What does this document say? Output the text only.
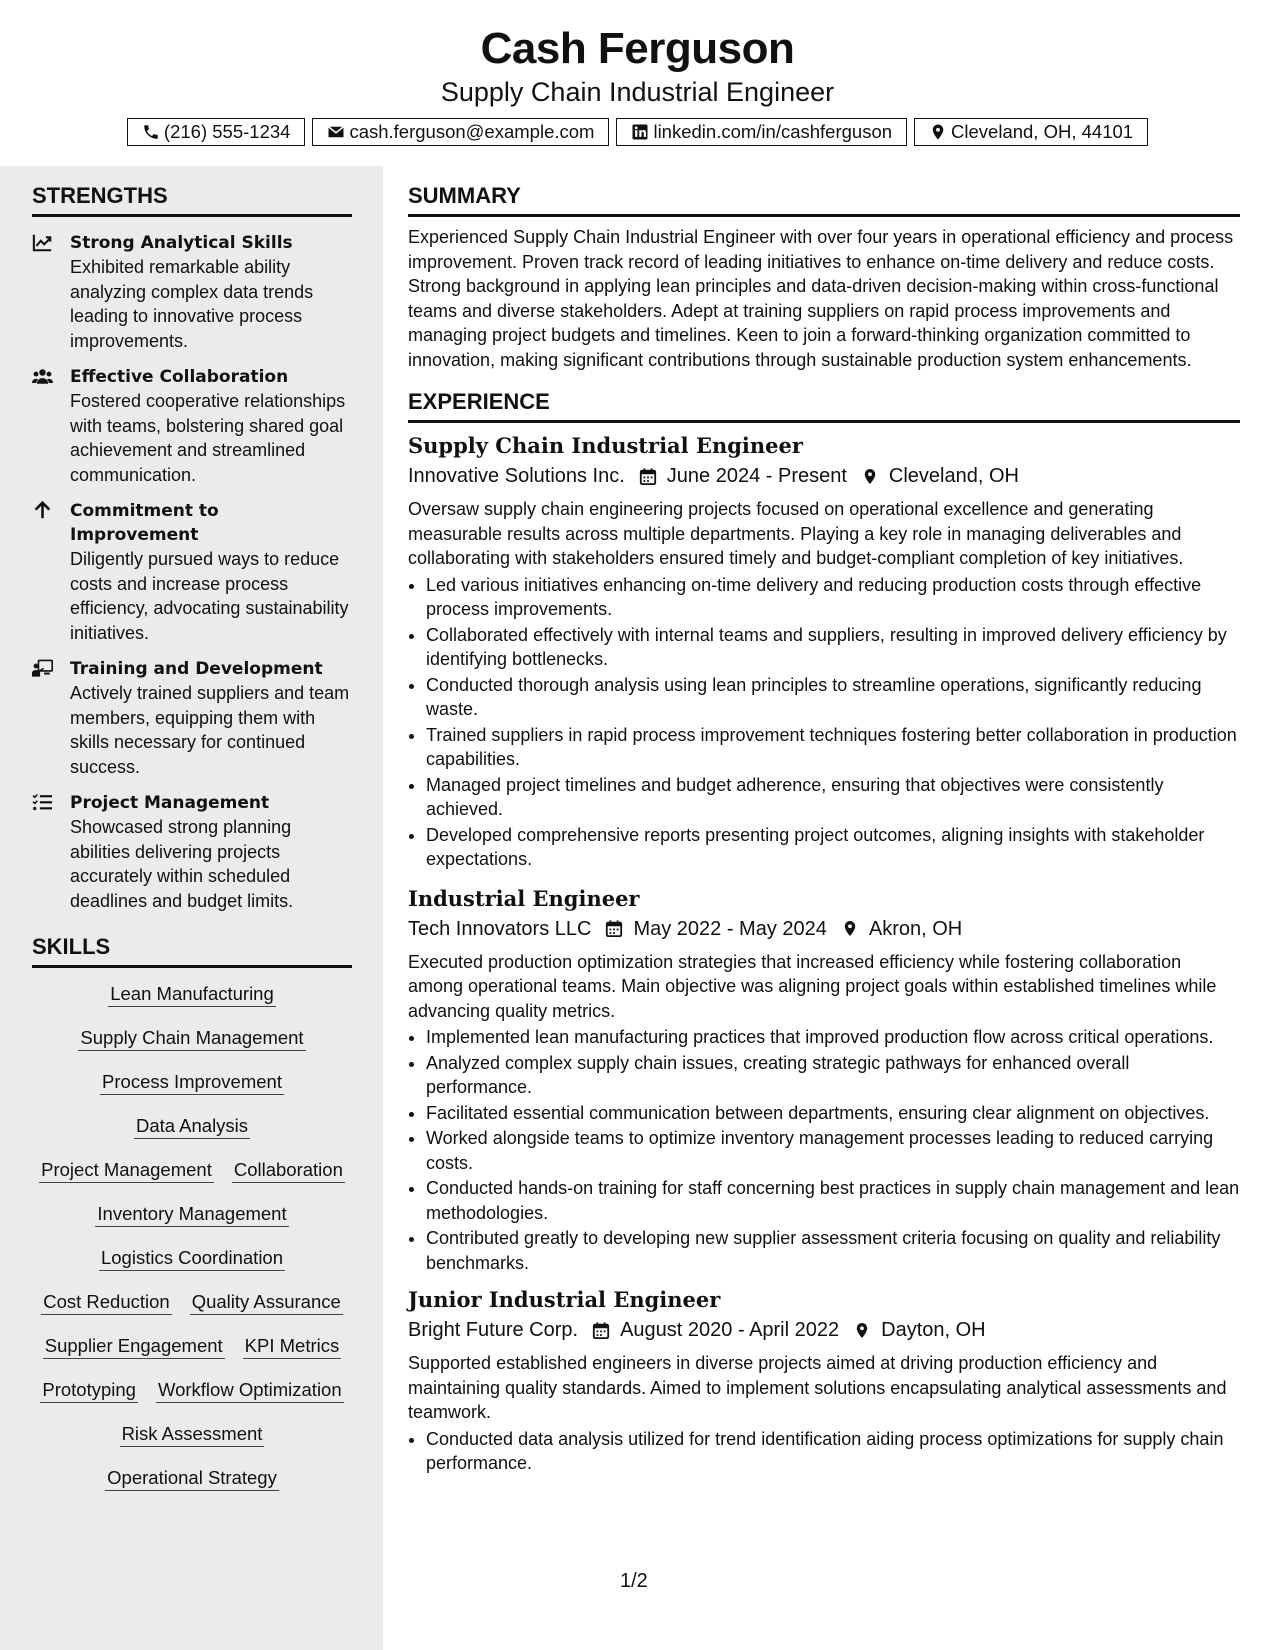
Cash Ferguson
Supply Chain Industrial Engineer
(216) 555-1234	cash.ferguson@example.com	linkedin.com/in/cashferguson	Cleveland, OH, 44101
STRENGTHS
Strong Analytical Skills
Exhibited remarkable ability analyzing complex data trends leading to innovative process improvements.
Effective Collaboration
Fostered cooperative relationships with teams, bolstering shared goal achievement and streamlined communication.
Commitment to Improvement
Diligently pursued ways to reduce costs and increase process efficiency, advocating sustainability initiatives.
Training and Development
Actively trained suppliers and team members, equipping them with skills necessary for continued success.
Project Management
Showcased strong planning abilities delivering projects accurately within scheduled deadlines and budget limits.
SKILLS
Lean Manufacturing
Supply Chain Management
Process Improvement
Data Analysis
Project Management Collaboration
Inventory Management
Logistics Coordination
Cost Reduction Quality Assurance
Supplier Engagement KPI Metrics
Prototyping Workflow Optimization
Risk Assessment
Operational Strategy
SUMMARY

Experienced Supply Chain Industrial Engineer with over four years in operational efficiency and process improvement. Proven track record of leading initiatives to enhance on-time delivery and reduce costs. Strong background in applying lean principles and data-driven decision-making within cross-functional teams and diverse stakeholders. Adept at training suppliers on rapid process improvements and managing project budgets and timelines. Keen to join a forward-thinking organization committed to innovation, making significant contributions through sustainable production system enhancements.

EXPERIENCE
Supply Chain Industrial Engineer
Innovative Solutions Inc. June 2024 - Present Cleveland, OH

Oversaw supply chain engineering projects focused on operational excellence and generating measurable results across multiple departments. Playing a key role in managing deliverables and collaborating with stakeholders ensured timely and budget-compliant completion of key initiatives.

• Led various initiatives enhancing on-time delivery and reducing production costs through effective process improvements.
• Collaborated effectively with internal teams and suppliers, resulting in improved delivery efficiency by identifying bottlenecks.
• Conducted thorough analysis using lean principles to streamline operations, significantly reducing waste.
• Trained suppliers in rapid process improvement techniques fostering better collaboration in production capabilities.
• Managed project timelines and budget adherence, ensuring that objectives were consistently achieved.
• Developed comprehensive reports presenting project outcomes, aligning insights with stakeholder expectations.
Industrial Engineer
Tech Innovators LLC May 2022 - May 2024 Akron, OH

Executed production optimization strategies that increased efficiency while fostering collaboration among operational teams. Main objective was aligning project goals within established timelines while advancing quality metrics.

• Implemented lean manufacturing practices that improved production flow across critical operations.
• Analyzed complex supply chain issues, creating strategic pathways for enhanced overall performance.
• Facilitated essential communication between departments, ensuring clear alignment on objectives.
• Worked alongside teams to optimize inventory management processes leading to reduced carrying costs.
• Conducted hands-on training for staff concerning best practices in supply chain management and lean methodologies.
• Contributed greatly to developing new supplier assessment criteria focusing on quality and reliability benchmarks.
Junior Industrial Engineer
Bright Future Corp. August 2020 - April 2022 Dayton, OH

Supported established engineers in diverse projects aimed at driving production efficiency and maintaining quality standards. Aimed to implement solutions encapsulating analytical assessments and teamwork.

• Conducted data analysis utilized for trend identification aiding process optimizations for supply chain performance.
1/2
